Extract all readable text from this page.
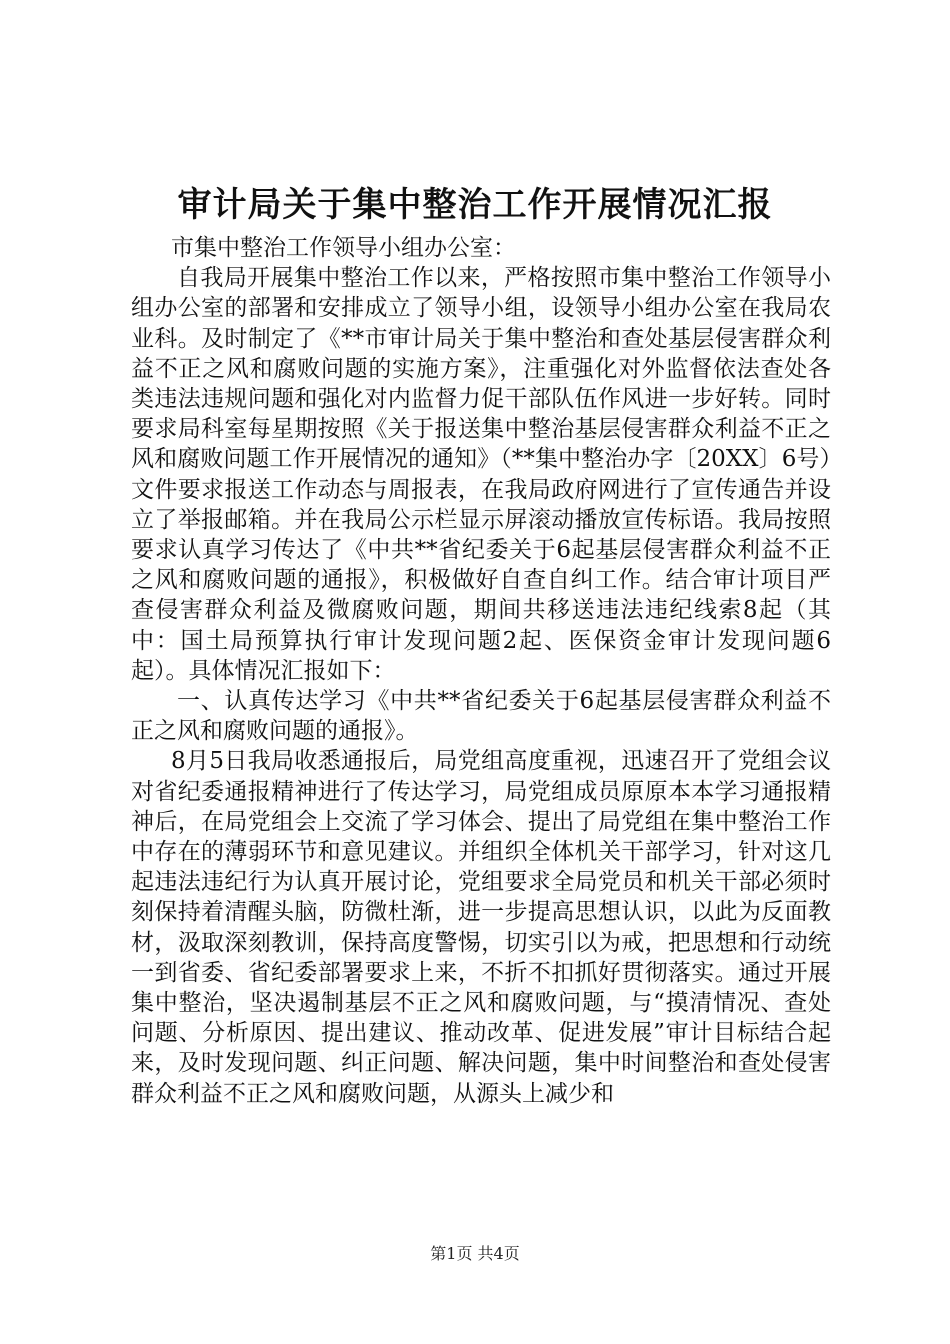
审计局关于集中整治工作开展情况汇报

市集中整治工作领导小组办公室：

自我局开展集中整治工作以来，严格按照市集中整治工作领导小组办公室的部署和安排成立了领导小组，设领导小组办公室在我局农业科。及时制定了《**市审计局关于集中整治和查处基层侵害群众利益不正之风和腐败问题的实施方案》，注重强化对外监督依法查处各类违法违规问题和强化对内监督力促干部队伍作风进一步好转。同时要求局科室每星期按照《关于报送集中整治基层侵害群众利益不正之风和腐败问题工作开展情况的通知》（**集中整治办字〔20XX〕6号）文件要求报送工作动态与周报表，在我局政府网进行了宣传通告并设立了举报邮箱。并在我局公示栏显示屏滚动播放宣传标语。我局按照要求认真学习传达了《中共**省纪委关于6起基层侵害群众利益不正之风和腐败问题的通报》，积极做好自查自纠工作。结合审计项目严查侵害群众利益及微腐败问题，期间共移送违法违纪线索8起（其中：国土局预算执行审计发现问题2起、医保资金审计发现问题6起）。具体情况汇报如下：

一、认真传达学习《中共**省纪委关于6起基层侵害群众利益不正之风和腐败问题的通报》。

8月5日我局收悉通报后，局党组高度重视，迅速召开了党组会议对省纪委通报精神进行了传达学习，局党组成员原原本本学习通报精神后，在局党组会上交流了学习体会、提出了局党组在集中整治工作中存在的薄弱环节和意见建议。并组织全体机关干部学习，针对这几起违法违纪行为认真开展讨论，党组要求全局党员和机关干部必须时刻保持着清醒头脑，防微杜渐，进一步提高思想认识，以此为反面教材，汲取深刻教训，保持高度警惕，切实引以为戒，把思想和行动统一到省委、省纪委部署要求上来，不折不扣抓好贯彻落实。通过开展集中整治，坚决遏制基层不正之风和腐败问题，与“摸清情况、查处问题、分析原因、提出建议、推动改革、促进发展”审计目标结合起来，及时发现问题、纠正问题、解决问题，集中时间整治和查处侵害群众利益不正之风和腐败问题，从源头上减少和

第1页 共4页
